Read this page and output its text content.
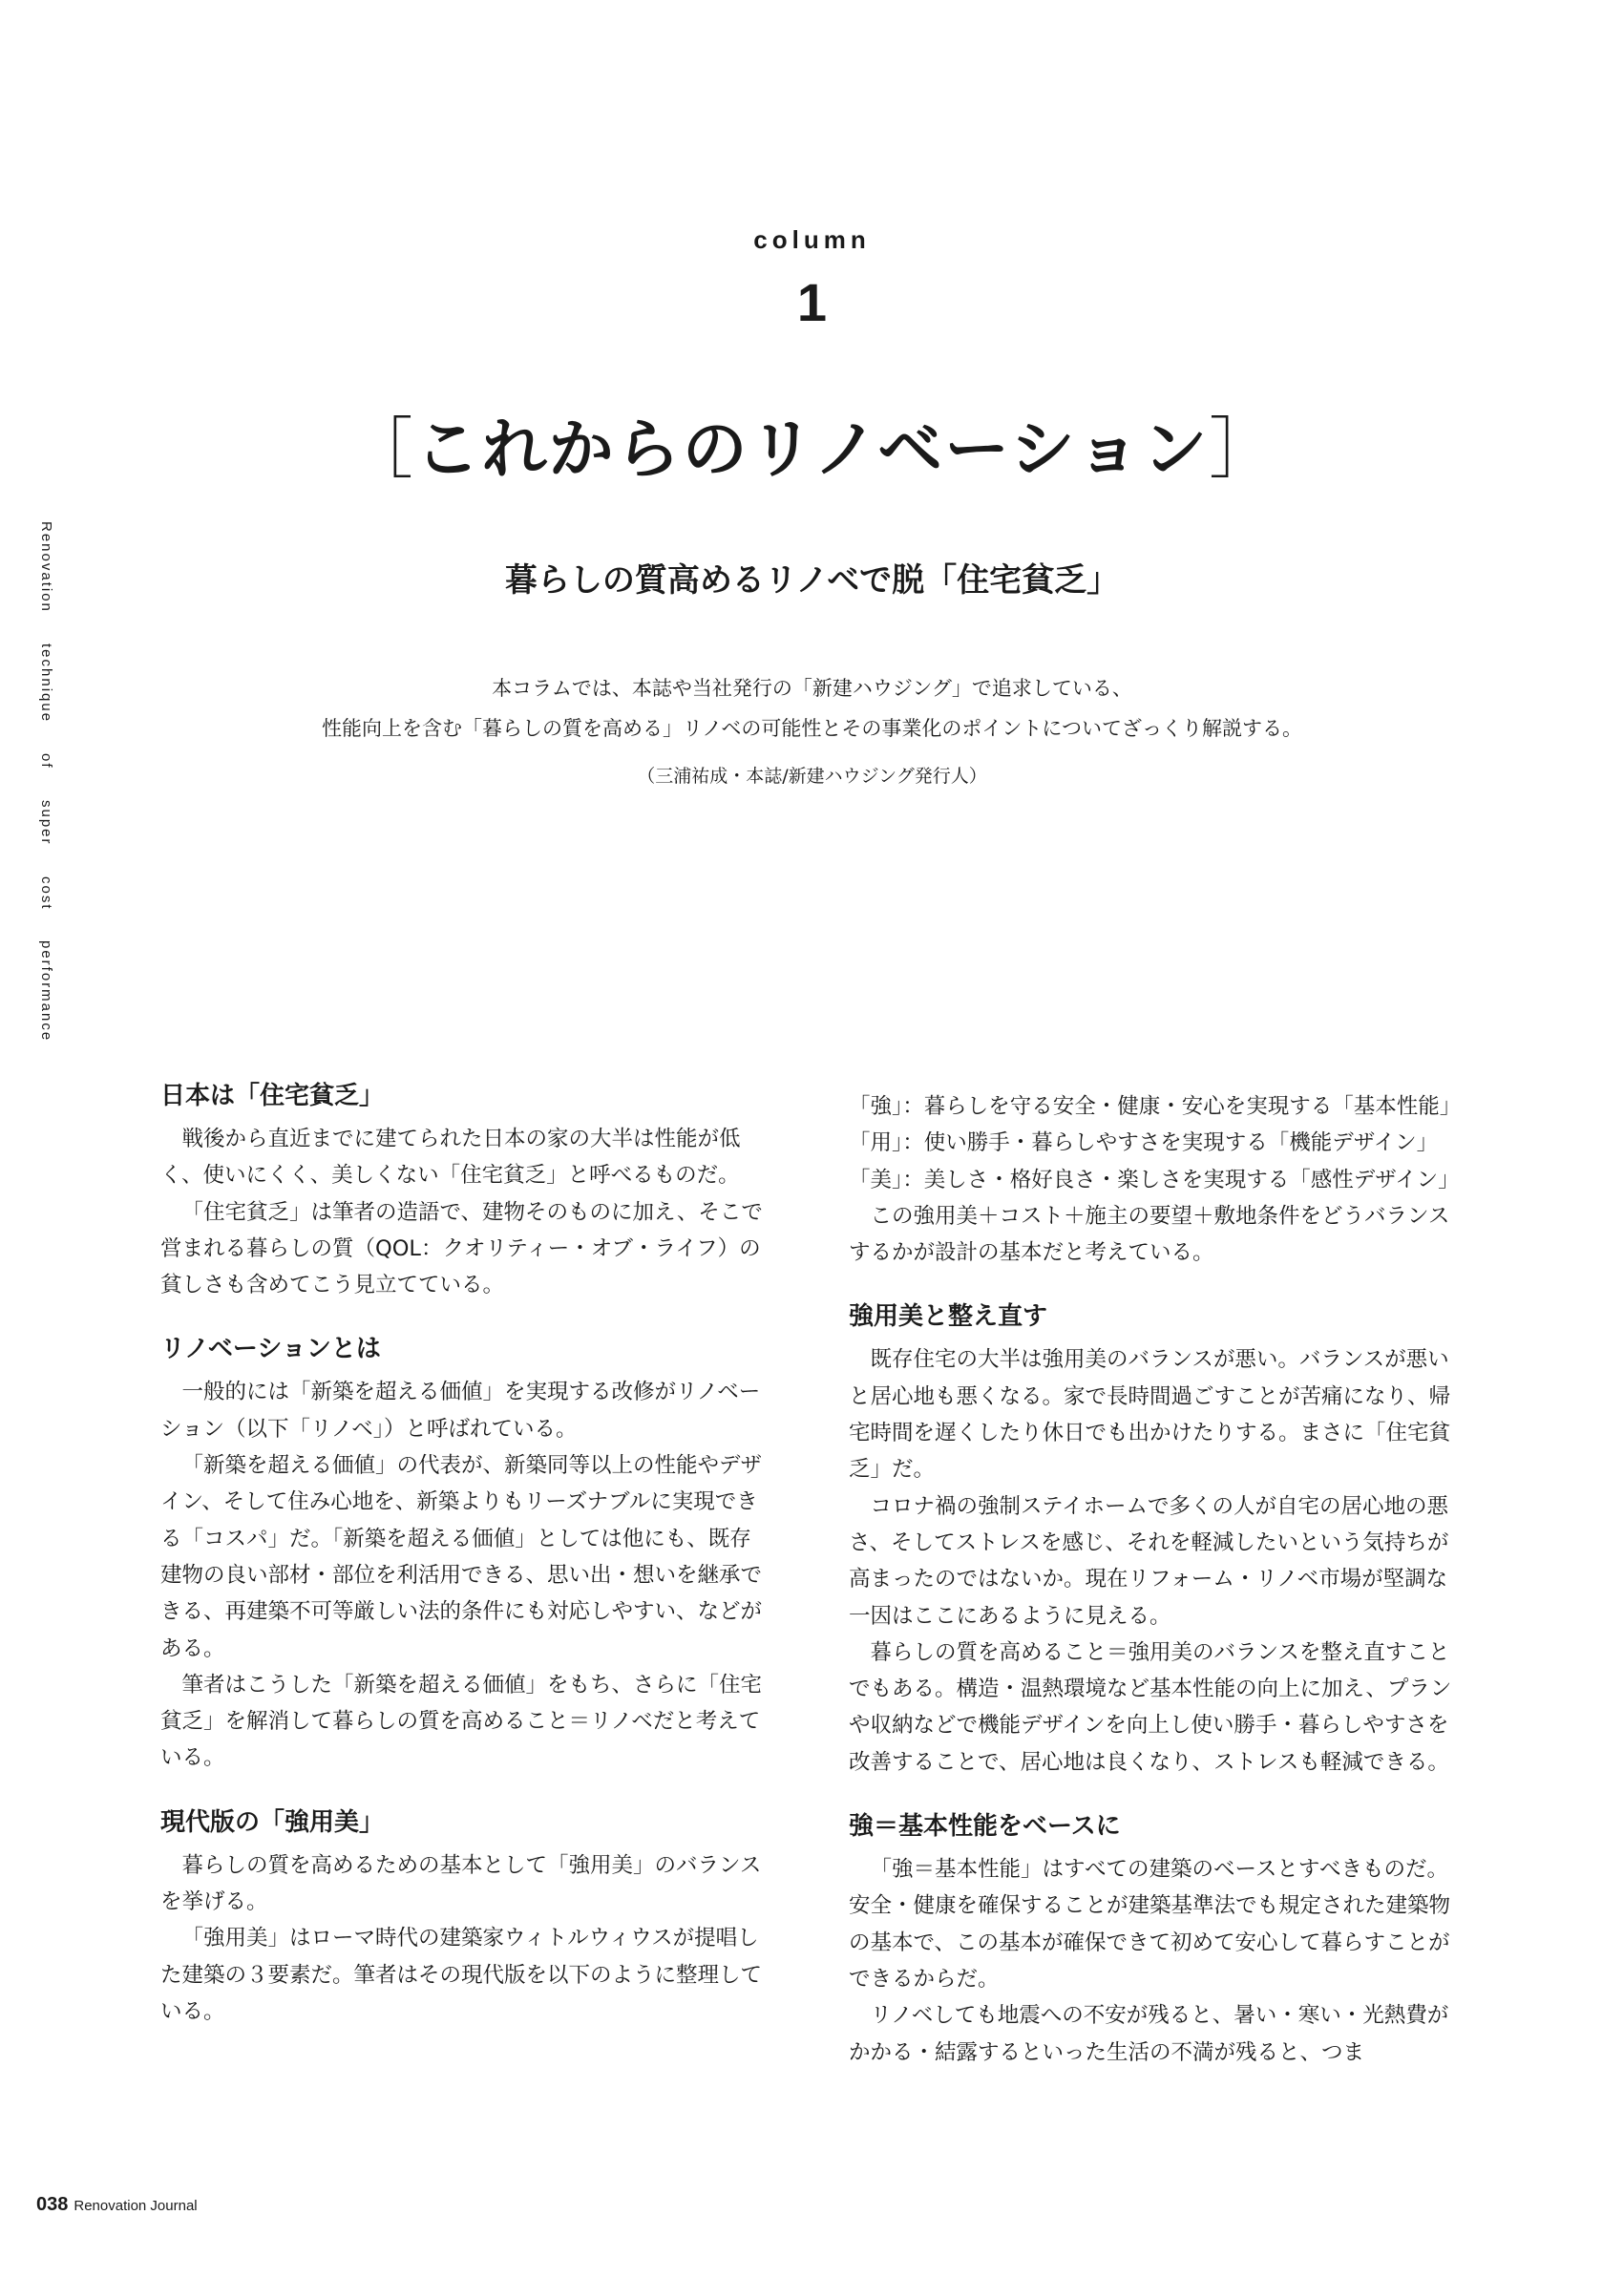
column
1
［これからのリノベーション］
暮らしの質高めるリノベで脱「住宅貧乏」
本コラムでは、本誌や当社発行の「新建ハウジング」で追求している、
性能向上を含む「暮らしの質を高める」リノベの可能性とその事業化のポイントについてざっくり解説する。
（三浦祐成・本誌/新建ハウジング発行人）
Renovation technique of super cost performance
日本は「住宅貧乏」

戦後から直近までに建てられた日本の家の大半は性能が低く、使いにくく、美しくない「住宅貧乏」と呼べるものだ。

「住宅貧乏」は筆者の造語で、建物そのものに加え、そこで営まれる暮らしの質（QOL：クオリティー・オブ・ライフ）の貧しさも含めてこう見立てている。

リノベーションとは

一般的には「新築を超える価値」を実現する改修がリノベーション（以下「リノベ」）と呼ばれている。

「新築を超える価値」の代表が、新築同等以上の性能やデザイン、そして住み心地を、新築よりもリーズナブルに実現できる「コスパ」だ。「新築を超える価値」としては他にも、既存建物の良い部材・部位を利活用できる、思い出・想いを継承できる、再建築不可等厳しい法的条件にも対応しやすい、などがある。

筆者はこうした「新築を超える価値」をもち、さらに「住宅貧乏」を解消して暮らしの質を高めること＝リノベだと考えている。

現代版の「強用美」

暮らしの質を高めるための基本として「強用美」のバランスを挙げる。

「強用美」はローマ時代の建築家ウィトルウィウスが提唱した建築の３要素だ。筆者はその現代版を以下のように整理している。

「強」：暮らしを守る安全・健康・安心を実現する「基本性能」

「用」：使い勝手・暮らしやすさを実現する「機能デザイン」

「美」：美しさ・格好良さ・楽しさを実現する「感性デザイン」

この強用美＋コスト＋施主の要望＋敷地条件をどうバランスするかが設計の基本だと考えている。

強用美と整え直す

既存住宅の大半は強用美のバランスが悪い。バランスが悪いと居心地も悪くなる。家で長時間過ごすことが苦痛になり、帰宅時間を遅くしたり休日でも出かけたりする。まさに「住宅貧乏」だ。

コロナ禍の強制ステイホームで多くの人が自宅の居心地の悪さ、そしてストレスを感じ、それを軽減したいという気持ちが高まったのではないか。現在リフォーム・リノベ市場が堅調な一因はここにあるように見える。

暮らしの質を高めること＝強用美のバランスを整え直すことでもある。構造・温熱環境など基本性能の向上に加え、プランや収納などで機能デザインを向上し使い勝手・暮らしやすさを改善することで、居心地は良くなり、ストレスも軽減できる。

強＝基本性能をベースに

「強＝基本性能」はすべての建築のベースとすべきものだ。安全・健康を確保することが建築基準法でも規定された建築物の基本で、この基本が確保できて初めて安心して暮らすことができるからだ。

リノベしても地震への不安が残ると、暑い・寒い・光熱費がかかる・結露するといった生活の不満が残ると、つま

038 Renovation Journal
